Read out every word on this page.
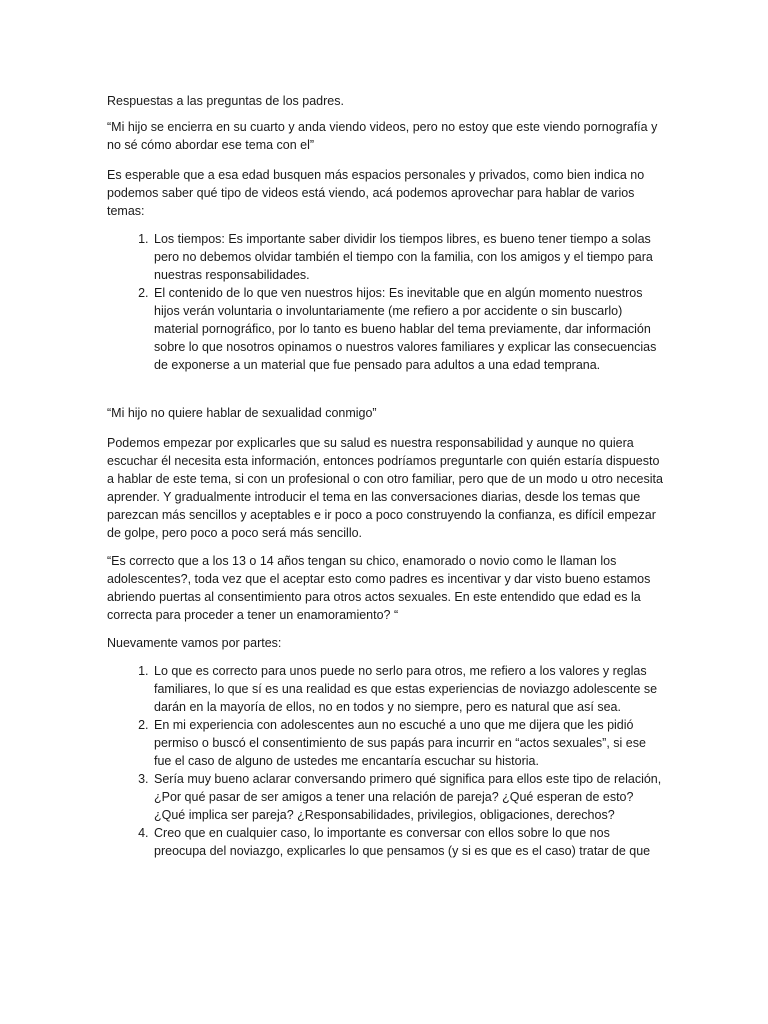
Respuestas a las preguntas de los padres.

“Mi hijo se encierra en su cuarto y anda viendo videos, pero no estoy que este viendo pornografía y no sé cómo abordar ese tema con el”

Es esperable que a esa edad busquen más espacios personales y privados, como bien indica no podemos saber qué tipo de videos está viendo, acá podemos aprovechar para hablar de varios temas:

1. Los tiempos: Es importante saber dividir los tiempos libres, es bueno tener tiempo a solas pero no debemos olvidar también el tiempo con la familia, con los amigos y el tiempo para nuestras responsabilidades.
2. El contenido de lo que ven nuestros hijos: Es inevitable que en algún momento nuestros hijos verán voluntaria o involuntariamente (me refiero a por accidente o sin buscarlo) material pornográfico, por lo tanto es bueno hablar del tema previamente, dar información sobre lo que nosotros opinamos o nuestros valores familiares y explicar las consecuencias de exponerse a un material que fue pensado para adultos a una edad temprana.

“Mi hijo no quiere hablar de sexualidad conmigo”

Podemos empezar por explicarles que su salud es nuestra responsabilidad y aunque no quiera escuchar él necesita esta información, entonces podríamos preguntarle con quién estaría dispuesto a hablar de este tema, si con un profesional o con otro familiar, pero que de un modo u otro necesita aprender. Y gradualmente introducir el tema en las conversaciones diarias, desde los temas que parezcan más sencillos y aceptables e ir poco a poco construyendo la confianza, es difícil empezar de golpe, pero poco a poco será más sencillo.

“Es correcto que a los 13 o 14 años tengan su chico, enamorado o novio como le llaman los adolescentes?, toda vez que el aceptar esto como padres es incentivar y dar visto bueno estamos abriendo puertas al consentimiento para otros actos sexuales. En este entendido que edad es la correcta para proceder a tener un enamoramiento? “

Nuevamente vamos por partes:

1. Lo que es correcto para unos puede no serlo para otros, me refiero a los valores y reglas familiares, lo que sí es una realidad es que estas experiencias de noviazgo adolescente se darán en la mayoría de ellos, no en todos y no siempre, pero es natural que así sea.
2. En mi experiencia con adolescentes aun no escuché a uno que me dijera que les pidió permiso o buscó el consentimiento de sus papás para incurrir en “actos sexuales”, si ese fue el caso de alguno de ustedes me encantaría escuchar su historia.
3. Sería muy bueno aclarar conversando primero qué significa para ellos este tipo de relación, ¿Por qué pasar de ser amigos a tener una relación de pareja? ¿Qué esperan de esto? ¿Qué implica ser pareja? ¿Responsabilidades, privilegios, obligaciones, derechos?
4. Creo que en cualquier caso, lo importante es conversar con ellos sobre lo que nos preocupa del noviazgo, explicarles lo que pensamos (y si es que es el caso) tratar de que
